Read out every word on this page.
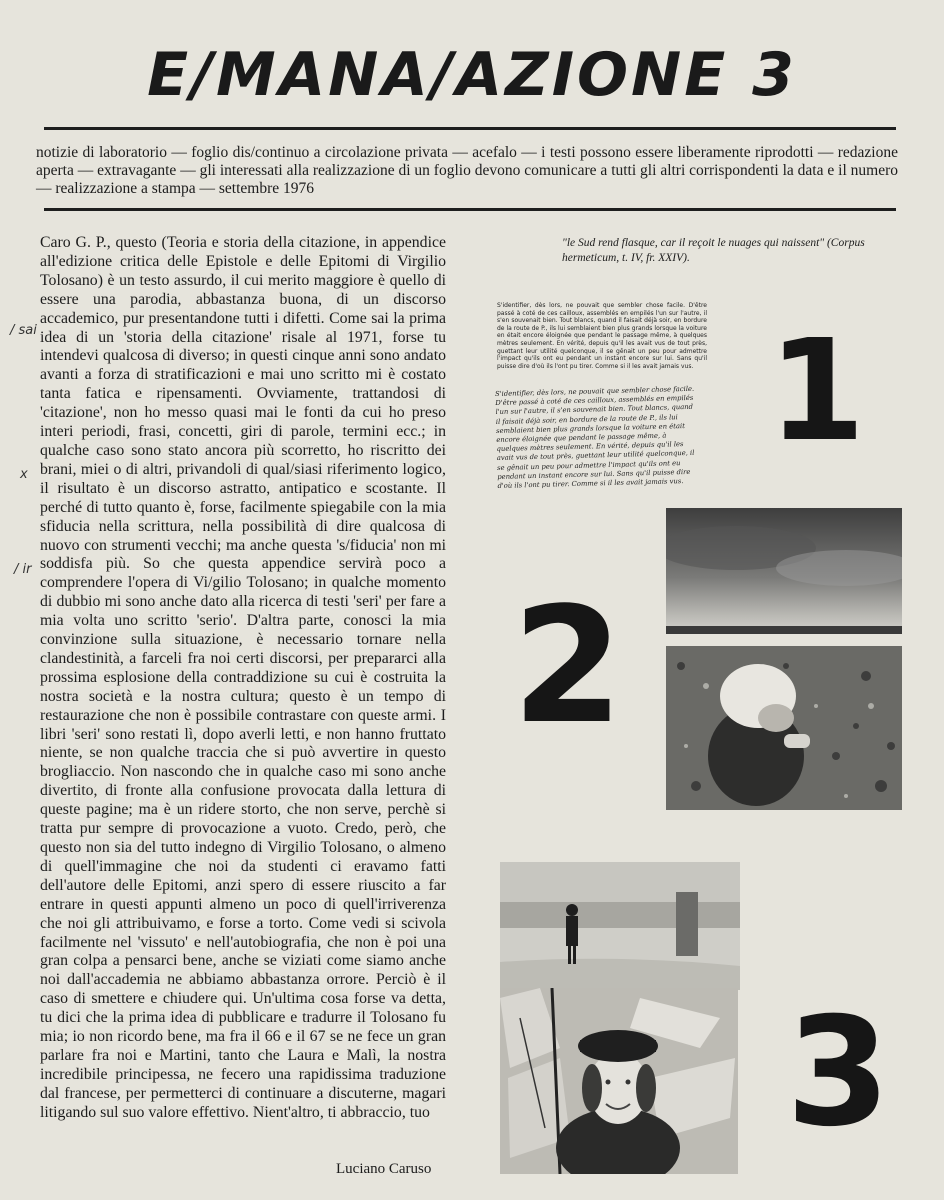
E/MANA/AZIONE 3
notizie di laboratorio — foglio dis/continuo a circolazione privata — acefalo — i testi possono essere liberamente riprodotti — redazione aperta — extravagante — gli interessati alla realizzazione di un foglio devono comunicare a tutti gli altri corrispondenti la data e il numero — realizzazione a stampa — settembre 1976
Caro G. P., questo (Teoria e storia della citazione, in appendice all'edizione critica delle Epistole e delle Epitomi di Virgilio Tolosano) è un testo assurdo, il cui merito maggiore è quello di essere una parodia, abbastanza buona, di un discorso accademico, pur presentandone tutti i difetti. Come sai la prima idea di un 'storia della citazione' risale al 1971, forse tu intendevi qualcosa di diverso; in questi cinque anni sono andato avanti a forza di stratificazioni e mai uno scritto mi è costato tanta fatica e ripensamenti. Ovviamente, trattandosi di 'citazione', non ho messo quasi mai le fonti da cui ho preso interi periodi, frasi, concetti, giri di parole, termini ecc.; in qualche caso sono stato ancora più scorretto, ho riscritto dei brani, miei o di altri, privandoli di qual/siasi riferimento logico, il risultato è un discorso astratto, antipatico e scostante. Il perché di tutto quanto è, forse, facilmente spiegabile con la mia sfiducia nella scrittura, nella possibilità di dire qualcosa di nuovo con strumenti vecchi; ma anche questa 's/fiducia' non mi soddisfa più. So che questa appendice servirà poco a comprendere l'opera di Vi/gilio Tolosano; in qualche momento di dubbio mi sono anche dato alla ricerca di testi 'seri' per fare a mia volta uno scritto 'serio'. D'altra parte, conosci la mia convinzione sulla situazione, è necessario tornare nella clandestinità, a farceli fra noi certi discorsi, per prepararci alla prossima esplosione della contraddizione su cui è costruita la nostra società e la nostra cultura; questo è un tempo di restaurazione che non è possibile contrastare con queste armi. I libri 'seri' sono restati lì, dopo averli letti, e non hanno fruttato niente, se non qualche traccia che si può avvertire in questo brogliaccio. Non nascondo che in qualche caso mi sono anche divertito, di fronte alla confusione provocata dalla lettura di queste pagine; ma è un ridere storto, che non serve, perchè si tratta pur sempre di provocazione a vuoto. Credo, però, che questo non sia del tutto indegno di Virgilio Tolosano, o almeno di quell'immagine che noi da studenti ci eravamo fatti dell'autore delle Epitomi, anzi spero di essere riuscito a far entrare in questi appunti almeno un poco di quell'irriverenza che noi gli attribuivamo, e forse a torto. Come vedi si scivola facilmente nel 'vissuto' e nell'autobiografia, che non è poi una gran colpa a pensarci bene, anche se viziati come siamo anche noi dall'accademia ne abbiamo abbastanza orrore. Perciò è il caso di smettere e chiudere qui. Un'ultima cosa forse va detta, tu dici che la prima idea di pubblicare e tradurre il Tolosano fu mia; io non ricordo bene, ma fra il 66 e il 67 se ne fece un gran parlare fra noi e Martini, tanto che Laura e Malì, la nostra incredibile principessa, ne fecero una rapidissima traduzione dal francese, per permetterci di continuare a discuterne, magari litigando sul suo valore effettivo. Nient'altro, ti abbraccio, tuo
Luciano Caruso
/ sai
x
/ ir
"le Sud rend flasque, car il reçoit le nuages qui naissent" (Corpus hermeticum, t. IV, fr. XXIV).
S'identifier, dès lors, ne pouvait que sembler chose facile. D'être passé à coté de ces cailloux, assemblés en empilés l'un sur l'autre, il s'en souvenait bien. Tout blancs, quand il faisait déjà soir, en bordure de la route de P., ils lui semblaient bien plus grands lorsque la voiture en était encore éloignée que pendant le passage même, à quelques mètres seulement. En vérité, depuis qu'il les avait vus de tout près, guettant leur utilité quelconque, il se gênait un peu pour admettre l'impact qu'ils ont eu pendant un instant encore sur lui. Sans qu'il puisse dire d'où ils l'ont pu tirer. Comme si il les avait jamais vus.
S'identifier, dès lors, ne pouvait que sembler chose facile. D'être passé à coté de ces cailloux, assemblés en empilés l'un sur l'autre, il s'en souvenait bien. Tout blancs, quand il faisait déjà soir, en bordure de la route de P., ils lui semblaient bien plus grands lorsque la voiture en était encore éloignée que pendant le passage même, à quelques mètres seulement. En vérité, depuis qu'il les avait vus de tout près, guettant leur utilité quelconque, il se gênait un peu pour admettre l'impact qu'ils ont eu pendant un instant encore sur lui. Sans qu'il puisse dire d'où ils l'ont pu tirer. Comme si il les avait jamais vus.
1
2
3
